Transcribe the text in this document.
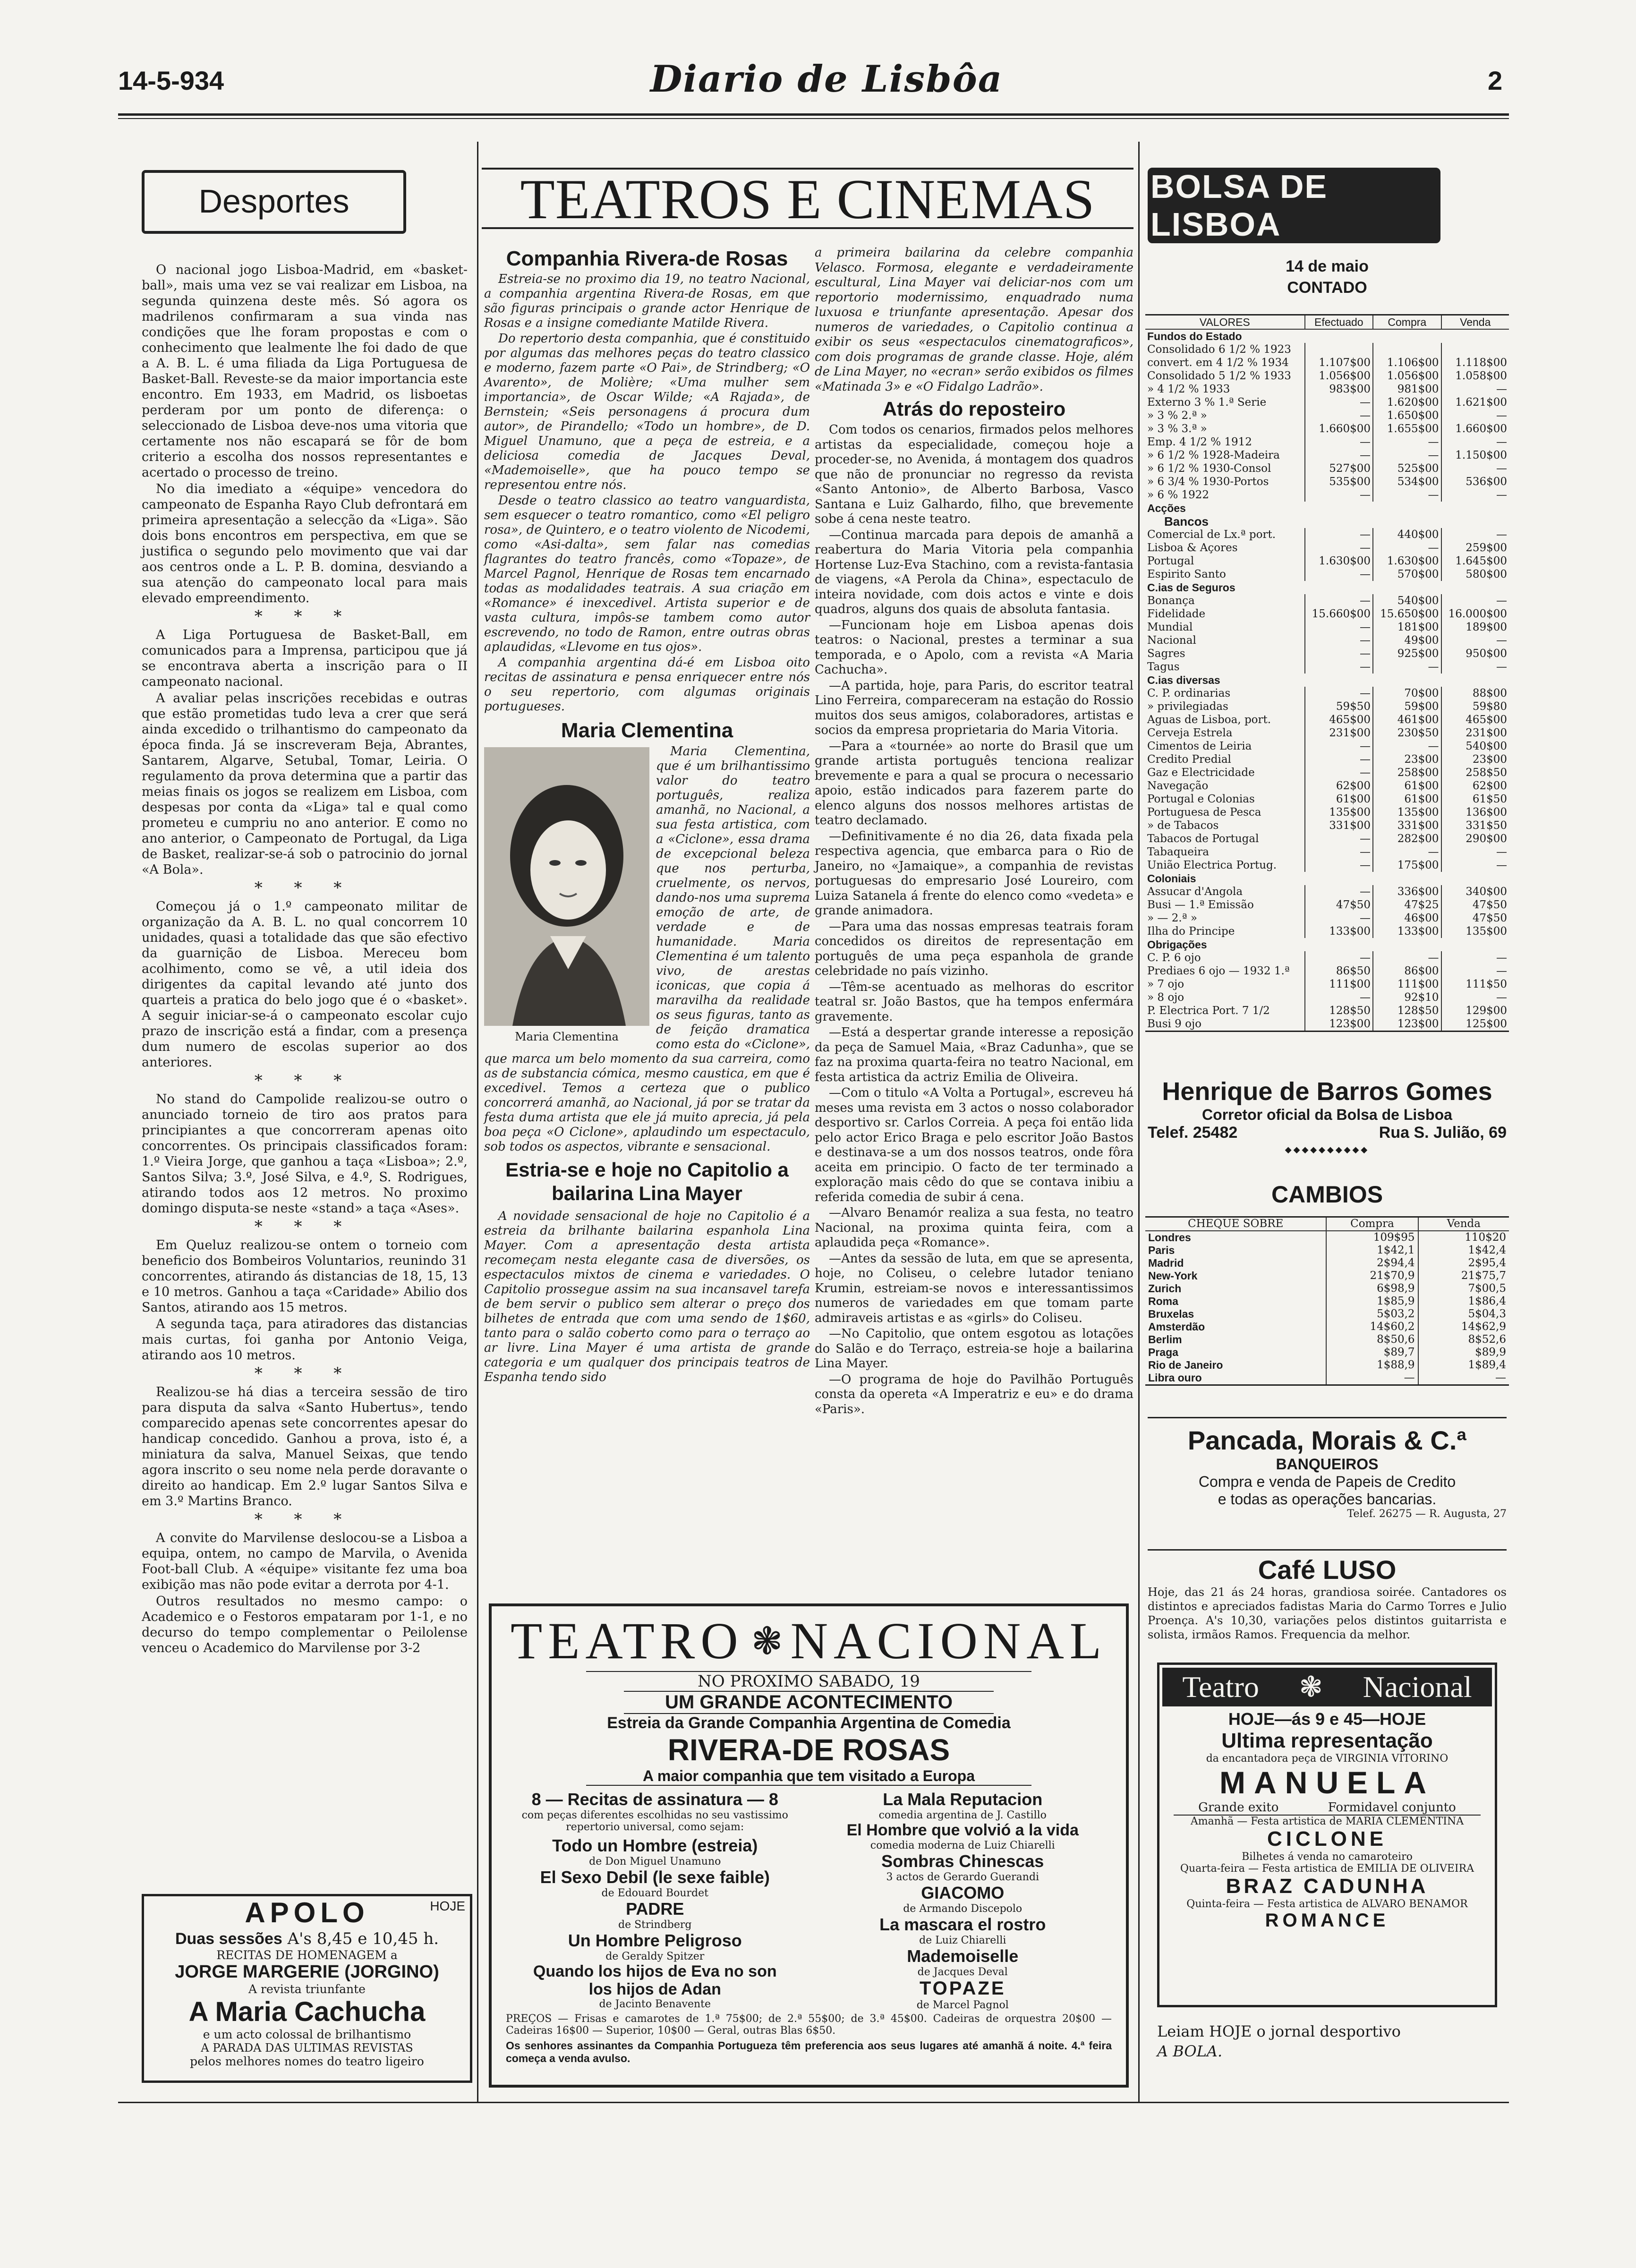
14-5-934	Diario de Lisbôa	2
Desportes

O nacional jogo Lisboa-Madrid, em «basket-ball», mais uma vez se vai realizar em Lisboa, na segunda quinzena deste mês. Só agora os madrilenos confirmaram a sua vinda nas condições que lhe foram propostas e com o conhecimento que lealmente lhe foi dado de que a A. B. L. é uma filiada da Liga Portuguesa de Basket-Ball. Reveste-se da maior importancia este encontro. Em 1933, em Madrid, os lisboetas perderam por um ponto de diferença: o seleccionado de Lisboa deve-nos uma vitoria que certamente nos não escapará se fôr de bom criterio a escolha dos nossos representantes e acertado o processo de treino.

No dia imediato a «équipe» vencedora do campeonato de Espanha Rayo Club defrontará em primeira apresentação a selecção da «Liga». São dois bons encontros em perspectiva, em que se justifica o segundo pelo movimento que vai dar aos centros onde a L. P. B. domina, desviando a sua atenção do campeonato local para mais elevado empreendimento.

* * *

A Liga Portuguesa de Basket-Ball, em comunicados para a Imprensa, participou que já se encontrava aberta a inscrição para o II campeonato nacional.

A avaliar pelas inscrições recebidas e outras que estão prometidas tudo leva a crer que será ainda excedido o trilhantismo do campeonato da época finda. Já se inscreveram Beja, Abrantes, Santarem, Algarve, Setubal, Tomar, Leiria. O regulamento da prova determina que a partir das meias finais os jogos se realizem em Lisboa, com despesas por conta da «Liga» tal e qual como prometeu e cumpriu no ano anterior. E como no ano anterior, o Campeonato de Portugal, da Liga de Basket, realizar-se-á sob o patrocinio do jornal «A Bola».

* * *

Começou já o 1.º campeonato militar de organização da A. B. L. no qual concorrem 10 unidades, quasi a totalidade das que são efectivo da guarnição de Lisboa. Mereceu bom acolhimento, como se vê, a util ideia dos dirigentes da capital levando até junto dos quarteis a pratica do belo jogo que é o «basket». A seguir iniciar-se-á o campeonato escolar cujo prazo de inscrição está a findar, com a presença dum numero de escolas superior ao dos anteriores.

* * *

No stand do Campolide realizou-se outro o anunciado torneio de tiro aos pratos para principiantes a que concorreram apenas oito concorrentes. Os principais classificados foram: 1.º Vieira Jorge, que ganhou a taça «Lisboa»; 2.º, Santos Silva; 3.º, José Silva, e 4.º, S. Rodrigues, atirando todos aos 12 metros. No proximo domingo disputa-se neste «stand» a taça «Ases».

* * *

Em Queluz realizou-se ontem o torneio com beneficio dos Bombeiros Voluntarios, reunindo 31 concorrentes, atirando ás distancias de 18, 15, 13 e 10 metros. Ganhou a taça «Caridade» Abilio dos Santos, atirando aos 15 metros.

A segunda taça, para atiradores das distancias mais curtas, foi ganha por Antonio Veiga, atirando aos 10 metros.

* * *

Realizou-se há dias a terceira sessão de tiro para disputa da salva «Santo Hubertus», tendo comparecido apenas sete concorrentes apesar do handicap concedido. Ganhou a prova, isto é, a miniatura da salva, Manuel Seixas, que tendo agora inscrito o seu nome nela perde doravante o direito ao handicap. Em 2.º lugar Santos Silva e em 3.º Martins Branco.

* * *

A convite do Marvilense deslocou-se a Lisboa a equipa, ontem, no campo de Marvila, o Avenida Foot-ball Club. A «équipe» visitante fez uma boa exibição mas não pode evitar a derrota por 4-1.

Outros resultados no mesmo campo: o Academico e o Festoros empataram por 1-1, e no decurso do tempo complementar o Peilolense venceu o Academico do Marvilense por 3-2

APOLO	HOJE
Duas sessões A's 8,45 e 10,45 h.
RECITAS DE HOMENAGEM a
JORGE MARGERIE (JORGINO)
A revista triunfante
A Maria Cachucha
e um acto colossal de brilhantismo
A PARADA DAS ULTIMAS REVISTAS
pelos melhores nomes do teatro ligeiro
TEATROS E CINEMAS
Companhia Rivera-de Rosas

Estreia-se no proximo dia 19, no teatro Nacional, a companhia argentina Rivera-de Rosas, em que são figuras principais o grande actor Henrique de Rosas e a insigne comediante Matilde Rivera.

Do repertorio desta companhia, que é constituido por algumas das melhores peças do teatro classico e moderno, fazem parte «O Pai», de Strindberg; «O Avarento», de Molière; «Uma mulher sem importancia», de Oscar Wilde; «A Rajada», de Bernstein; «Seis personagens á procura dum autor», de Pirandello; «Todo un hombre», de D. Miguel Unamuno, que a peça de estreia, e a deliciosa comedia de Jacques Deval, «Mademoiselle», que ha pouco tempo se representou entre nós.

Desde o teatro classico ao teatro vanguardista, sem esquecer o teatro romantico, como «El peligro rosa», de Quintero, e o teatro violento de Nicodemi, como «Asi-dalta», sem falar nas comedias flagrantes do teatro francês, como «Topaze», de Marcel Pagnol, Henrique de Rosas tem encarnado todas as modalidades teatrais. A sua criação em «Romance» é inexcedivel. Artista superior e de vasta cultura, impôs-se tambem como autor escrevendo, no todo de Ramon, entre outras obras aplaudidas, «Llevome en tus ojos».

A companhia argentina dá-é em Lisboa oito recitas de assinatura e pensa enriquecer entre nós o seu repertorio, com algumas originais portugueses.

Maria Clementina
Maria Clementina

Maria Clementina, que é um brilhantissimo valor do teatro português, realiza amanhã, no Nacional, a sua festa artistica, com a «Ciclone», essa drama de excepcional beleza que nos perturba, cruelmente, os nervos, dando-nos uma suprema emoção de arte, de verdade e de humanidade. Maria Clementina é um talento vivo, de arestas iconicas, que copia á maravilha da realidade os seus figuras, tanto as de feição dramatica como esta do «Ciclone», que marca um belo momento da sua carreira, como as de substancia cómica, mesmo caustica, em que é excedivel. Temos a certeza que o publico concorrerá amanhã, ao Nacional, já por se tratar da festa duma artista que ele já muito aprecia, já pela boa peça «O Ciclone», aplaudindo um espectaculo, sob todos os aspectos, vibrante e sensacional.

Estria-se e hoje no Capitolio a bailarina Lina Mayer

A novidade sensacional de hoje no Capitolio é a estreia da brilhante bailarina espanhola Lina Mayer. Com a apresentação desta artista recomeçam nesta elegante casa de diversões, os espectaculos mixtos de cinema e variedades. O Capitolio prossegue assim na sua incansavel tarefa de bem servir o publico sem alterar o preço dos bilhetes de entrada que com uma sendo de 1$60, tanto para o salão coberto como para o terraço ao ar livre. Lina Mayer é uma artista de grande categoria e um qualquer dos principais teatros de Espanha tendo sido

a primeira bailarina da celebre companhia Velasco. Formosa, elegante e verdadeiramente escultural, Lina Mayer vai deliciar-nos com um reportorio modernissimo, enquadrado numa luxuosa e triunfante apresentação. Apesar dos numeros de variedades, o Capitolio continua a exibir os seus «espectaculos cinematograficos», com dois programas de grande classe. Hoje, além de Lina Mayer, no «ecran» serão exibidos os filmes «Matinada 3» e «O Fidalgo Ladrão».

Atrás do reposteiro

Com todos os cenarios, firmados pelos melhores artistas da especialidade, começou hoje a proceder-se, no Avenida, á montagem dos quadros que não de pronunciar no regresso da revista «Santo Antonio», de Alberto Barbosa, Vasco Santana e Luiz Galhardo, filho, que brevemente sobe á cena neste teatro.

—Continua marcada para depois de amanhã a reabertura do Maria Vitoria pela companhia Hortense Luz-Eva Stachino, com a revista-fantasia de viagens, «A Perola da China», espectaculo de inteira novidade, com dois actos e vinte e dois quadros, alguns dos quais de absoluta fantasia.

—Funcionam hoje em Lisboa apenas dois teatros: o Nacional, prestes a terminar a sua temporada, e o Apolo, com a revista «A Maria Cachucha».

—A partida, hoje, para Paris, do escritor teatral Lino Ferreira, compareceram na estação do Rossio muitos dos seus amigos, colaboradores, artistas e socios da empresa proprietaria do Maria Vitoria.

—Para a «tournée» ao norte do Brasil que um grande artista português tenciona realizar brevemente e para a qual se procura o necessario apoio, estão indicados para fazerem parte do elenco alguns dos nossos melhores artistas de teatro declamado.

—Definitivamente é no dia 26, data fixada pela respectiva agencia, que embarca para o Rio de Janeiro, no «Jamaique», a companhia de revistas portuguesas do empresario José Loureiro, com Luiza Satanela á frente do elenco como «vedeta» e grande animadora.

—Para uma das nossas empresas teatrais foram concedidos os direitos de representação em português de uma peça espanhola de grande celebridade no país vizinho.

—Têm-se acentuado as melhoras do escritor teatral sr. João Bastos, que ha tempos enfermára gravemente.

—Está a despertar grande interesse a reposição da peça de Samuel Maia, «Braz Cadunha», que se faz na proxima quarta-feira no teatro Nacional, em festa artistica da actriz Emilia de Oliveira.

—Com o titulo «A Volta a Portugal», escreveu há meses uma revista em 3 actos o nosso colaborador desportivo sr. Carlos Correia. A peça foi então lida pelo actor Erico Braga e pelo escritor João Bastos e destinava-se a um dos nossos teatros, onde fôra aceita em principio. O facto de ter terminado a exploração mais cêdo do que se contava inibiu a referida comedia de subir á cena.

—Alvaro Benamór realiza a sua festa, no teatro Nacional, na proxima quinta feira, com a aplaudida peça «Romance».

—Antes da sessão de luta, em que se apresenta, hoje, no Coliseu, o celebre lutador teniano Krumin, estreiam-se novos e interessantissimos numeros de variedades em que tomam parte admiraveis artistas e as «girls» do Coliseu.

—No Capitolio, que ontem esgotou as lotações do Salão e do Terraço, estreia-se hoje a bailarina Lina Mayer.

—O programa de hoje do Pavilhão Português consta da opereta «A Imperatriz e eu» e do drama «Paris».

TEATRO ❃ NACIONAL
NO PROXIMO SABADO, 19
UM GRANDE ACONTECIMENTO
Estreia da Grande Companhia Argentina de Comedia
RIVERA-DE ROSAS
A maior companhia que tem visitado a Europa
8 — Recitas de assinatura — 8
com peças diferentes escolhidas no seu vastissimo repertorio universal, como sejam:
Todo un Hombre (estreia)
de Don Miguel Unamuno
El Sexo Debil (le sexe faible)
de Edouard Bourdet
PADRE
de Strindberg
Un Hombre Peligroso
de Geraldy Spitzer
Quando los hijos de Eva no son los hijos de Adan
de Jacinto Benavente
La Mala Reputacion
comedia argentina de J. Castillo
El Hombre que volvió a la vida
comedia moderna de Luiz Chiarelli
Sombras Chinescas
3 actos de Gerardo Guerandi
GIACOMO
de Armando Discepolo
La mascara el rostro
de Luiz Chiarelli
Mademoiselle
de Jacques Deval
TOPAZE
de Marcel Pagnol
PREÇOS — Frisas e camarotes de 1.ª 75$00; de 2.ª 55$00; de 3.ª 45$00. Cadeiras de orquestra 20$00 — Cadeiras 16$00 — Superior, 10$00 — Geral, outras Blas 6$50.
Os senhores assinantes da Companhia Portugueza têm preferencia aos seus lugares até amanhã á noite. 4.ª feira começa a venda avulso.
BOLSA DE LISBOA
14 de maio
CONTADO
VALORES	Efectuado	Compra	Venda
Fundos do Estado			
Consolidado 6 1/2 % 1923			
convert. em 4 1/2 % 1934	1.107$00	1.106$00	1.118$00
Consolidado 5 1/2 % 1933	1.056$00	1.056$00	1.058$00
» 4 1/2 % 1933	983$00	981$00	—
Externo 3 % 1.ª Serie	—	1.620$00	1.621$00
» 3 % 2.ª »	—	1.650$00	—
» 3 % 3.ª »	1.660$00	1.655$00	1.660$00
Emp. 4 1/2 % 1912	—	—	—
» 6 1/2 % 1928-Madeira	—	—	1.150$00
» 6 1/2 % 1930-Consol	527$00	525$00	—
» 6 3/4 % 1930-Portos	535$00	534$00	536$00
» 6 % 1922	—	—	—
Acções			
Bancos			
Comercial de Lx.ª port.	—	440$00	—
Lisboa & Açores	—	—	259$00
Portugal	1.630$00	1.630$00	1.645$00
Espirito Santo	—	570$00	580$00
C.ias de Seguros			
Bonança	—	540$00	—
Fidelidade	15.660$00	15.650$00	16.000$00
Mundial	—	181$00	189$00
Nacional	—	49$00	—
Sagres	—	925$00	950$00
Tagus	—	—	—
C.ias diversas			
C. P. ordinarias	—	70$00	88$00
» privilegiadas	59$50	59$00	59$80
Aguas de Lisboa, port.	465$00	461$00	465$00
Cerveja Estrela	231$00	230$50	231$00
Cimentos de Leiria	—	—	540$00
Credito Predial	—	23$00	23$00
Gaz e Electricidade	—	258$00	258$50
Navegação	62$00	61$00	62$00
Portugal e Colonias	61$00	61$00	61$50
Portuguesa de Pesca	135$00	135$00	136$00
» de Tabacos	331$00	331$00	331$50
Tabacos de Portugal	—	282$00	290$00
Tabaqueira	—	—	—
União Electrica Portug.	—	175$00	—
Coloniais			
Assucar d'Angola	—	336$00	340$00
Busi — 1.ª Emissão	47$50	47$25	47$50
» — 2.ª »	—	46$00	47$50
Ilha do Principe	133$00	133$00	135$00
Obrigações			
C. P. 6 ojo	—	—	—
Prediaes 6 ojo — 1932 1.ª	86$50	86$00	—
» 7 ojo	111$00	111$00	111$50
» 8 ojo	—	92$10	—
P. Electrica Port. 7 1/2	128$50	128$50	129$00
Busi 9 ojo	123$00	123$00	125$00
Henrique de Barros Gomes
Corretor oficial da Bolsa de Lisboa
Telef. 25482	Rua S. Julião, 69
◆◆◆◆◆◆◆◆◆◆
CAMBIOS
CHEQUE SOBRE	Compra	Venda
Londres	109$95	110$20
Paris	1$42,1	1$42,4
Madrid	2$94,4	2$95,4
New-York	21$70,9	21$75,7
Zurich	6$98,9	7$00,5
Roma	1$85,9	1$86,4
Bruxelas	5$03,2	5$04,3
Amsterdão	14$60,2	14$62,9
Berlim	8$50,6	8$52,6
Praga	$89,7	$89,9
Rio de Janeiro	1$88,9	1$89,4
Libra ouro	—	—
Pancada, Morais & C.ª
BANQUEIROS
Compra e venda de Papeis de Credito
e todas as operações bancarias.
Telef. 26275 — R. Augusta, 27
Café LUSO
Hoje, das 21 ás 24 horas, grandiosa soirée. Cantadores os distintos e apreciados fadistas Maria do Carmo Torres e Julio Proença. A's 10,30, variações pelos distintos guitarrista e solista, irmãos Ramos. Frequencia da melhor.
Teatro ❃ Nacional
HOJE—ás 9 e 45—HOJE
Ultima representação
da encantadora peça de VIRGINIA VITORINO
MANUELA
Grande exito	Formidavel conjunto
Amanhã — Festa artistica de MARIA CLEMENTINA
CICLONE
Bilhetes á venda no camaroteiro
Quarta-feira — Festa artistica de EMILIA DE OLIVEIRA
BRAZ CADUNHA
Quinta-feira — Festa artistica de ALVARO BENAMOR
ROMANCE
Leiam HOJE o jornal desportivo
A BOLA.
